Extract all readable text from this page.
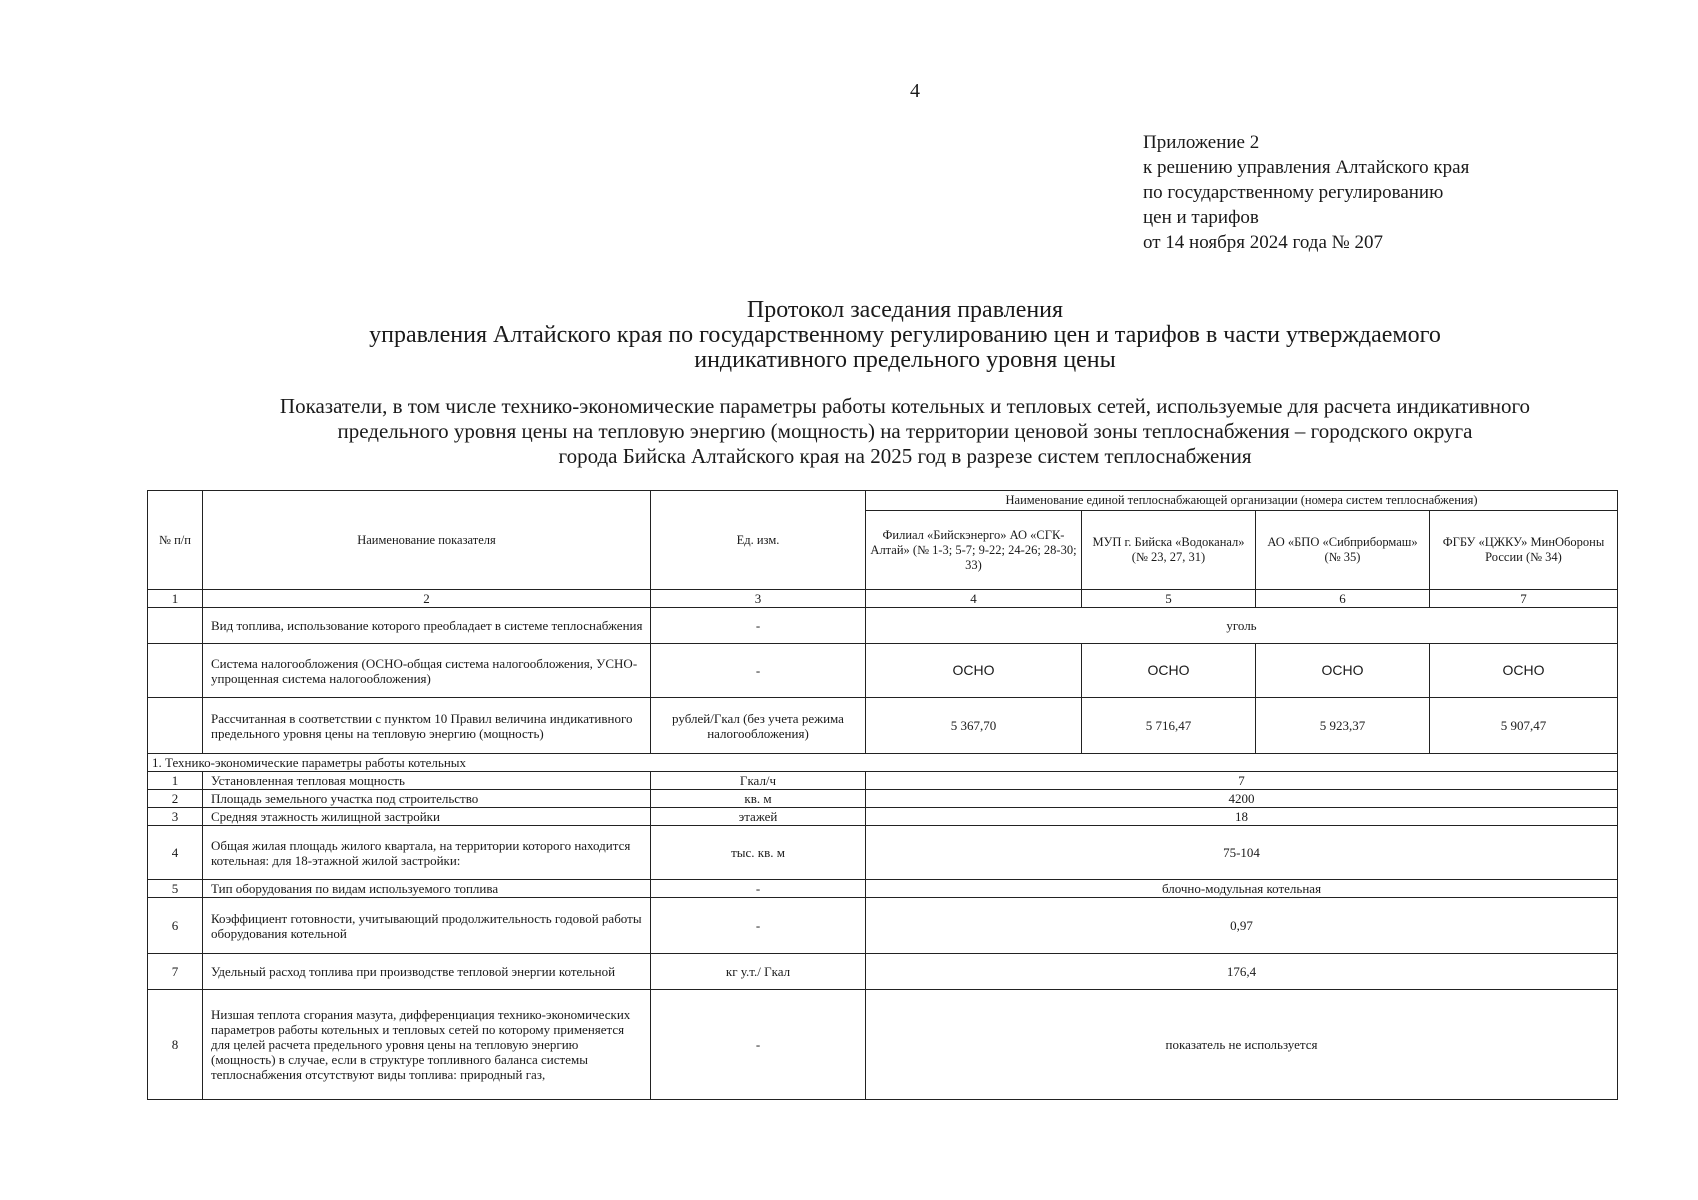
4
Приложение 2
к решению управления Алтайского края
по государственному регулированию
цен и тарифов
от 14 ноября 2024 года № 207
Протокол заседания правления
управления Алтайского края по государственному регулированию цен и тарифов в части утверждаемого
индикативного предельного уровня цены
Показатели, в том числе технико-экономические параметры работы котельных и тепловых сетей, используемые для расчета индикативного
предельного уровня цены на тепловую энергию (мощность) на территории ценовой зоны теплоснабжения – городского округа
города Бийска Алтайского края на 2025 год в разрезе систем теплоснабжения
№ п/п	Наименование показателя	Ед. изм.	Наименование единой теплоснабжающей организации (номера систем теплоснабжения)			
			Филиал «Бийскэнерго» АО «СГК-Алтай» (№ 1-3; 5-7; 9-22; 24-26; 28-30; 33)	МУП г. Бийска «Водоканал» (№ 23, 27, 31)	АО «БПО «Сибприбормаш» (№ 35)	ФГБУ «ЦЖКУ» МинОбороны России (№ 34)
1	2	3	4	5	6	7
	Вид топлива, использование которого преобладает в системе теплоснабжения	-	уголь			
	Система налогообложения (ОСНО-общая система налогообложения, УСНО-упрощенная система налогообложения)	-	ОСНО	ОСНО	ОСНО	ОСНО
	Рассчитанная в соответствии с пунктом 10 Правил величина индикативного предельного уровня цены на тепловую энергию (мощность)	рублей/Гкал (без учета режима налогообложения)	5 367,70	5 716,47	5 923,37	5 907,47
1. Технико-экономические параметры работы котельных						
1	Установленная тепловая мощность	Гкал/ч	7			
2	Площадь земельного участка под строительство	кв. м	4200			
3	Средняя этажность жилищной застройки	этажей	18			
4	Общая жилая площадь жилого квартала, на территории которого находится котельная: для 18-этажной жилой застройки:	тыс. кв. м	75-104			
5	Тип оборудования по видам используемого топлива	-	блочно-модульная котельная			
6	Коэффициент готовности, учитывающий продолжительность годовой работы оборудования котельной	-	0,97			
7	Удельный расход топлива при производстве тепловой энергии котельной	кг у.т./ Гкал	176,4			
8	Низшая теплота сгорания мазута, дифференциация технико-экономических параметров работы котельных и тепловых сетей по которому применяется для целей расчета предельного уровня цены на тепловую энергию (мощность) в случае, если в структуре топливного баланса системы теплоснабжения отсутствуют виды топлива: природный газ,	-	показатель не используется			
